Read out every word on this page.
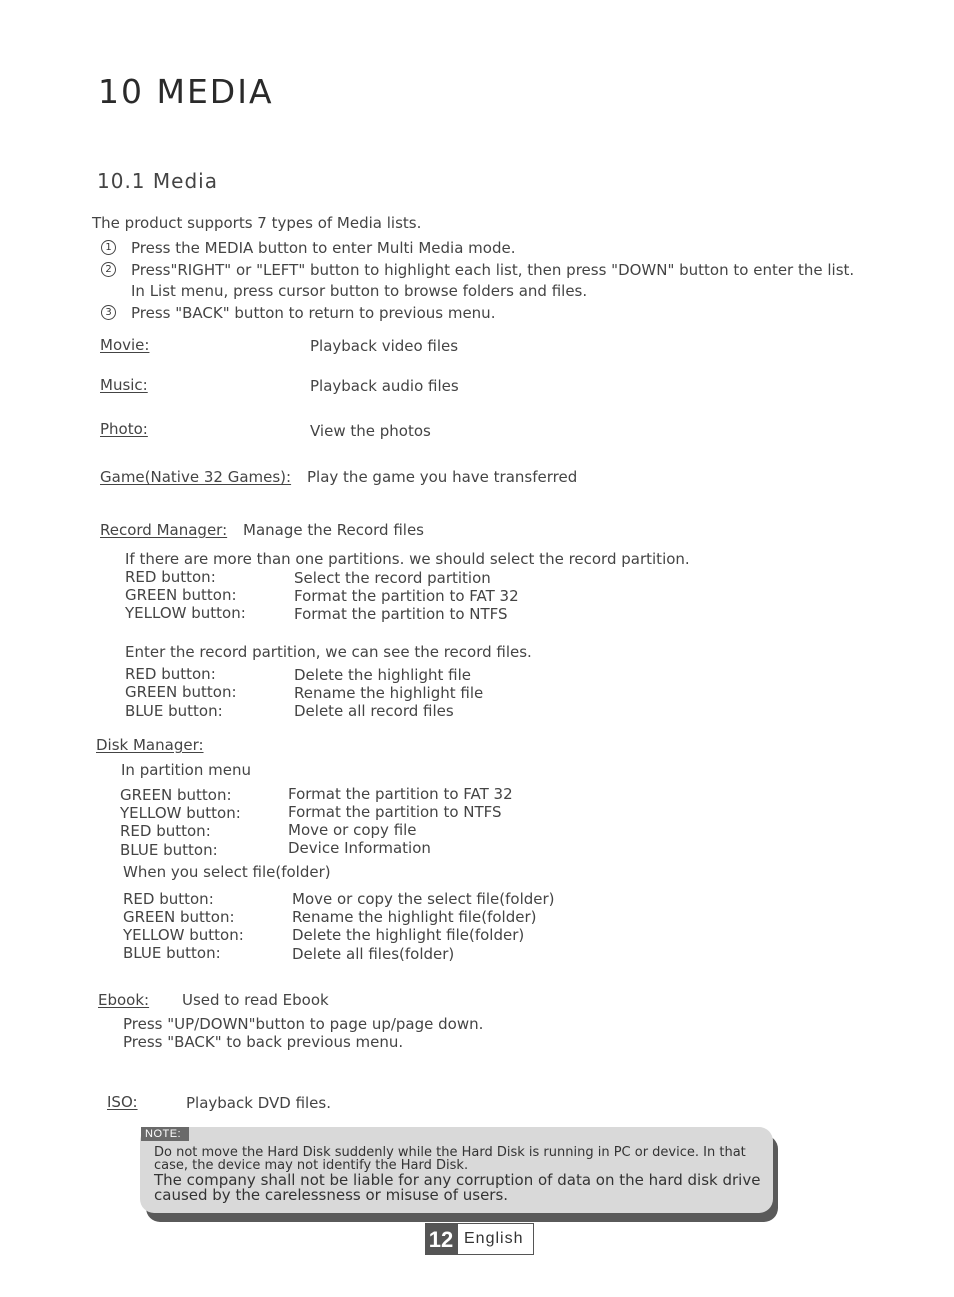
10 MEDIA
10.1 Media
The product supports 7 types of Media lists.
1 Press the MEDIA button to enter Multi Media mode.
2 Press"RIGHT" or "LEFT" button to highlight each list, then press "DOWN" button to enter the list.
In List menu, press cursor button to browse folders and files.
3 Press "BACK" button to return to previous menu.
Movie:	Playback video files
Music:	Playback audio files
Photo:	View the photos
Game(Native 32 Games): Play the game you have transferred
Record Manager: Manage the Record files
If there are more than one partitions. we should select the record partition.
RED button:	Select the record partition
GREEN button:	Format the partition to FAT 32
YELLOW button:	Format the partition to NTFS
Enter the record partition, we can see the record files.
RED button:	Delete the highlight file
GREEN button:	Rename the highlight file
BLUE button:	Delete all record files
Disk Manager:
In partition menu
GREEN button:	Format the partition to FAT 32
YELLOW button:	Format the partition to NTFS
RED button:	Move or copy file
BLUE button:	Device Information
When you select file(folder)
RED button:	Move or copy the select file(folder)
GREEN button:	Rename the highlight file(folder)
YELLOW button:	Delete the highlight file(folder)
BLUE button:	Delete all files(folder)
Ebook: Used to read Ebook
Press "UP/DOWN"button to page up/page down.
Press "BACK" to back previous menu.
ISO:	Playback DVD files.
NOTE:
Do not move the Hard Disk suddenly while the Hard Disk is running in PC or device. In that
case, the device may not identify the Hard Disk.
The company shall not be liable for any corruption of data on the hard disk drive
caused by the carelessness or misuse of users.
12 English
